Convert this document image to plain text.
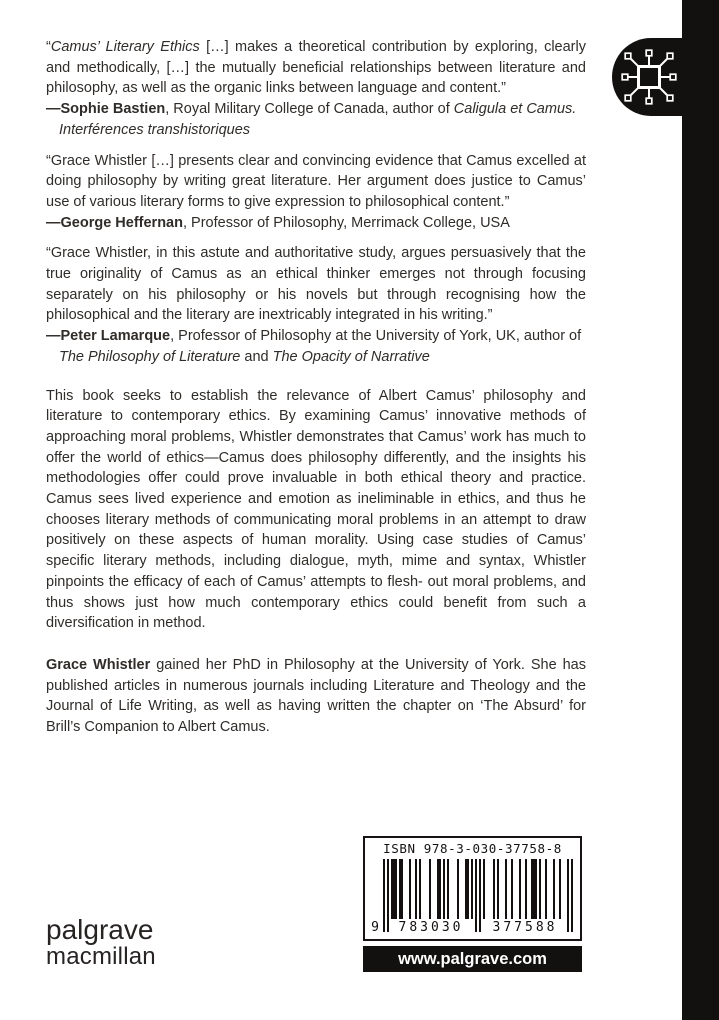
“Camus’ Literary Ethics […] makes a theoretical contribution by exploring, clearly and methodically, […] the mutually beneficial relationships between literature and philosophy, as well as the organic links between language and content.”
—Sophie Bastien, Royal Military College of Canada, author of Caligula et Camus. Interférences transhistoriques
“Grace Whistler […] presents clear and convincing evidence that Camus excelled at doing philosophy by writing great literature. Her argument does justice to Camus’ use of various literary forms to give expression to philosophical content.”
—George Heffernan, Professor of Philosophy, Merrimack College, USA
“Grace Whistler, in this astute and authoritative study, argues persuasively that the true originality of Camus as an ethical thinker emerges not through focusing separately on his philosophy or his novels but through recognising how the philosophical and the literary are inextricably integrated in his writing.”
—Peter Lamarque, Professor of Philosophy at the University of York, UK, author of The Philosophy of Literature and The Opacity of Narrative
This book seeks to establish the relevance of Albert Camus’ philosophy and literature to contemporary ethics. By examining Camus’ innovative methods of approaching moral problems, Whistler demonstrates that Camus’ work has much to offer the world of ethics—Camus does philosophy differently, and the insights his methodologies offer could prove invaluable in both ethical theory and practice. Camus sees lived experience and emotion as ineliminable in ethics, and thus he chooses literary methods of communicating moral problems in an attempt to draw positively on these aspects of human morality. Using case studies of Camus’ specific literary methods, including dialogue, myth, mime and syntax, Whistler pinpoints the efficacy of each of Camus’ attempts to flesh- out moral problems, and thus shows just how much contemporary ethics could benefit from such a diversification in method.
Grace Whistler gained her PhD in Philosophy at the University of York. She has published articles in numerous journals including Literature and Theology and the Journal of Life Writing, as well as having written the chapter on ‘The Absurd’ for Brill’s Companion to Albert Camus.
ISBN 978-3-030-37758-8
9 783030 377588
www.palgrave.com
palgrave
macmillan
